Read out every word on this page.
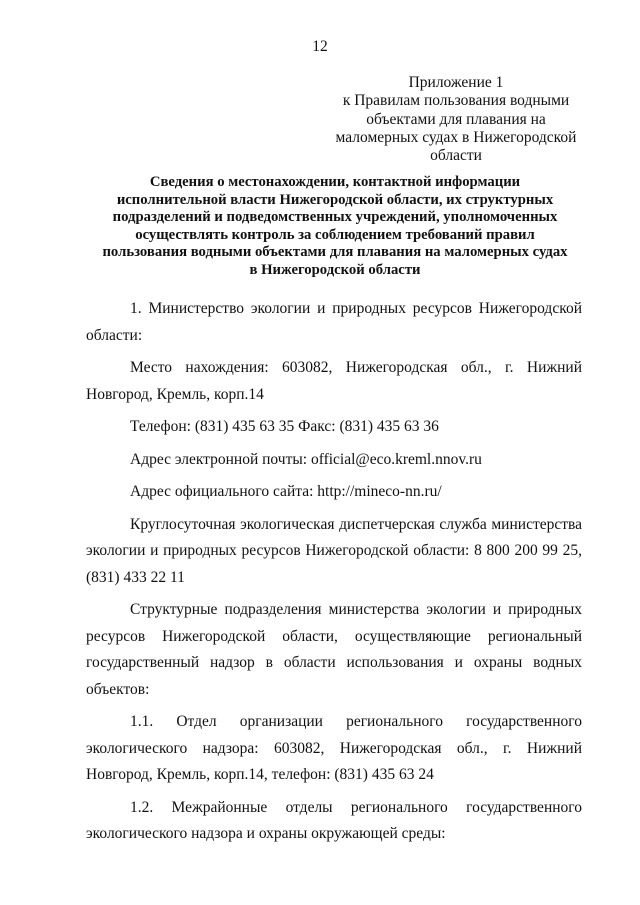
12
Приложение 1
к Правилам пользования водными
объектами для плавания на
маломерных судах в Нижегородской
области
Сведения о местонахождении, контактной информации
исполнительной власти Нижегородской области, их структурных
подразделений и подведомственных учреждений, уполномоченных
осуществлять контроль за соблюдением требований правил
пользования водными объектами для плавания на маломерных судах
в Нижегородской области

1. Министерство экологии и природных ресурсов Нижегородской области:

Место нахождения: 603082, Нижегородская обл., г. Нижний Новгород, Кремль, корп.14

Телефон: (831) 435 63 35 Факс: (831) 435 63 36

Адрес электронной почты: official@eco.kreml.nnov.ru

Адрес официального сайта: http://mineco-nn.ru/

Круглосуточная экологическая диспетчерская служба министерства экологии и природных ресурсов Нижегородской области: 8 800 200 99 25, (831) 433 22 11

Структурные подразделения министерства экологии и природных ресурсов Нижегородской области, осуществляющие региональный государственный надзор в области использования и охраны водных объектов:

1.1. Отдел организации регионального государственного экологического надзора: 603082, Нижегородская обл., г. Нижний Новгород, Кремль, корп.14, телефон: (831) 435 63 24

1.2. Межрайонные отделы регионального государственного экологического надзора и охраны окружающей среды:
